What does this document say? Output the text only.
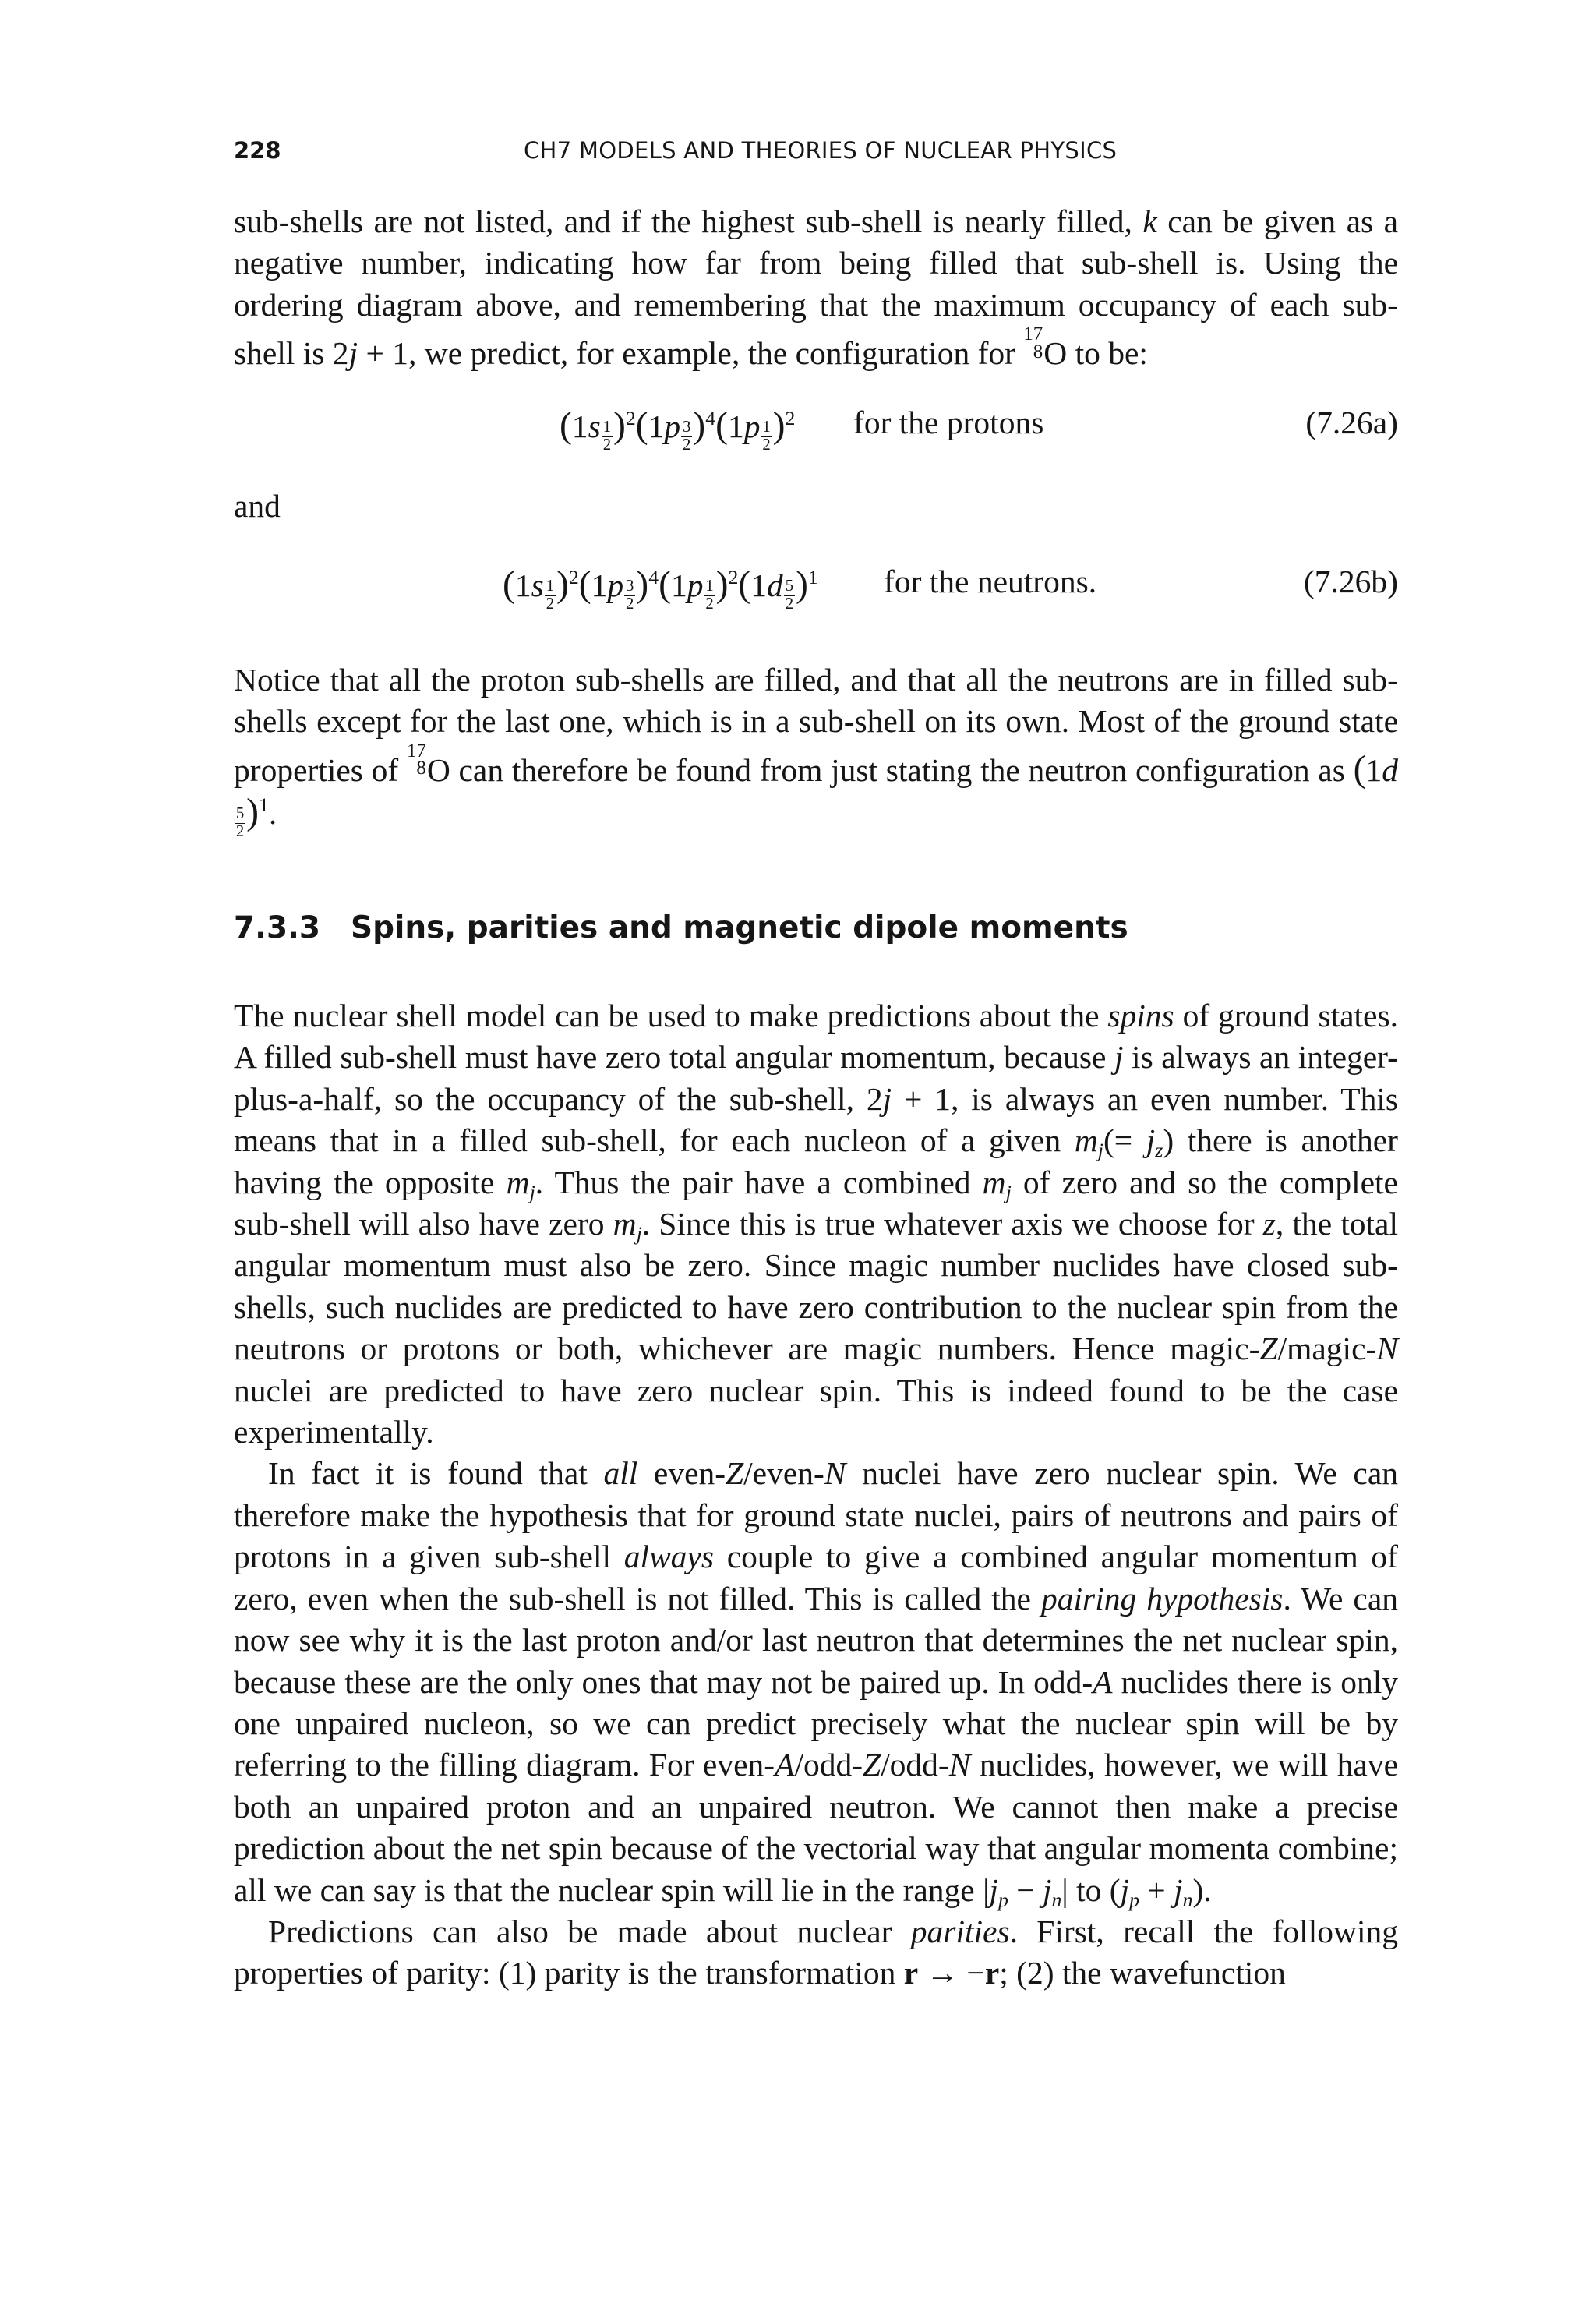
228	CH7 MODELS AND THEORIES OF NUCLEAR PHYSICS

sub-shells are not listed, and if the highest sub-shell is nearly filled, k can be given as a negative number, indicating how far from being filled that sub-shell is. Using the ordering diagram above, and remembering that the maximum occupancy of each sub-shell is 2j + 1, we predict, for example, the configuration for
17
8 O to be:

$(1s \frac{1}{2} )^2(1p \frac{3}{2} )^4(1p \frac{1}{2} )^2$ for the protons	(7.26a)
and
$(1s \frac{1}{2} )^2(1p \frac{3}{2} )^4(1p \frac{1}{2} )^2(1d \frac{5}{2} )^1$ for the neutrons.	(7.26b)

Notice that all the proton sub-shells are filled, and that all the neutrons are in filled sub-shells except for the last one, which is in a sub-shell on its own. Most of the ground state properties of
17
8 O can therefore be found from just stating the neutron configuration as (1d
$\frac{5}{2} )^1$.

7.3.3 Spins, parities and magnetic dipole moments

The nuclear shell model can be used to make predictions about the spins of ground states. A filled sub-shell must have zero total angular momentum, because j is always an integer-plus-a-half, so the occupancy of the sub-shell, 2j + 1, is always an even number. This means that in a filled sub-shell, for each nucleon of a given $m_j(= j_z)$ there is another having the opposite $m_j$. Thus the pair have a combined $m_j$ of zero and so the complete sub-shell will also have zero $m_j$. Since this is true whatever axis we choose for z, the total angular momentum must also be zero. Since magic number nuclides have closed sub-shells, such nuclides are predicted to have zero contribution to the nuclear spin from the neutrons or protons or both, whichever are magic numbers. Hence magic-Z/magic-N nuclei are predicted to have zero nuclear spin. This is indeed found to be the case experimentally.

In fact it is found that all even-Z/even-N nuclei have zero nuclear spin. We can therefore make the hypothesis that for ground state nuclei, pairs of neutrons and pairs of protons in a given sub-shell always couple to give a combined angular momentum of zero, even when the sub-shell is not filled. This is called the pairing hypothesis. We can now see why it is the last proton and/or last neutron that determines the net nuclear spin, because these are the only ones that may not be paired up. In odd-A nuclides there is only one unpaired nucleon, so we can predict precisely what the nuclear spin will be by referring to the filling diagram. For even-A/odd-Z/odd-N nuclides, however, we will have both an unpaired proton and an unpaired neutron. We cannot then make a precise prediction about the net spin because of the vectorial way that angular momenta combine; all we can say is that the nuclear spin will lie in the range $|j_p - j_n|$ to $(j_p + j_n)$.

Predictions can also be made about nuclear parities. First, recall the following properties of parity: (1) parity is the transformation r → −r; (2) the wavefunction
